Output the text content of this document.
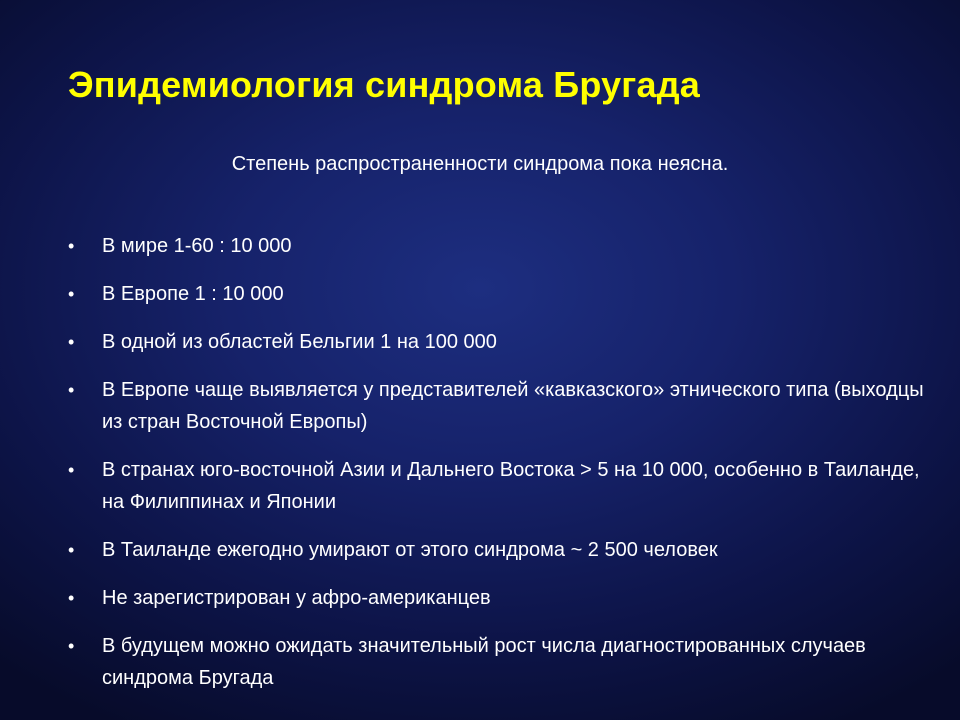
Эпидемиология синдрома Бругада

Степень распространенности синдрома пока неясна.

• В мире 1-60 : 10 000
• В Европе 1 : 10 000
• В одной из областей Бельгии 1 на 100 000
• В Европе чаще выявляется у представителей «кавказского» этнического типа (выходцы из стран Восточной Европы)
• В странах юго-восточной Азии и Дальнего Востока > 5 на 10 000, особенно в Таиланде, на Филиппинах и Японии
• В Таиланде ежегодно умирают от этого синдрома ~ 2 500 человек
• Не зарегистрирован у афро-американцев
• В будущем можно ожидать значительный рост числа диагностированных случаев синдрома Бругада
